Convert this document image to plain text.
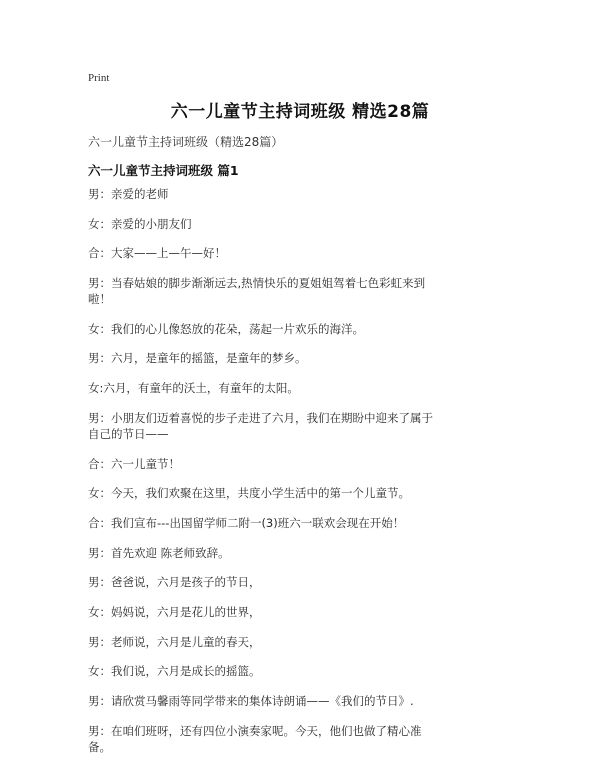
Print
六一儿童节主持词班级 精选28篇
六一儿童节主持词班级（精选28篇）
六一儿童节主持词班级 篇1
男：亲爱的老师
女：亲爱的小朋友们
合：大家——上—午—好！
男：当春姑娘的脚步渐渐远去,热情快乐的夏姐姐驾着七色彩虹来到啦！
女：我们的心儿像怒放的花朵，荡起一片欢乐的海洋。
男：六月，是童年的摇篮，是童年的梦乡。
女:六月，有童年的沃土，有童年的太阳。
男：小朋友们迈着喜悦的步子走进了六月，我们在期盼中迎来了属于自己的节日——
合：六一儿童节！
女：今天，我们欢聚在这里，共度小学生活中的第一个儿童节。
合：我们宣布---出国留学师二附一(3)班六一联欢会现在开始！
男：首先欢迎 陈老师致辞。
男：爸爸说，六月是孩子的节日，
女：妈妈说，六月是花儿的世界，
男：老师说，六月是儿童的春天，
女：我们说，六月是成长的摇篮。
男：请欣赏马馨雨等同学带来的集体诗朗诵——《我们的节日》.
男：在咱们班呀，还有四位小演奏家呢。今天，他们也做了精心准备。
